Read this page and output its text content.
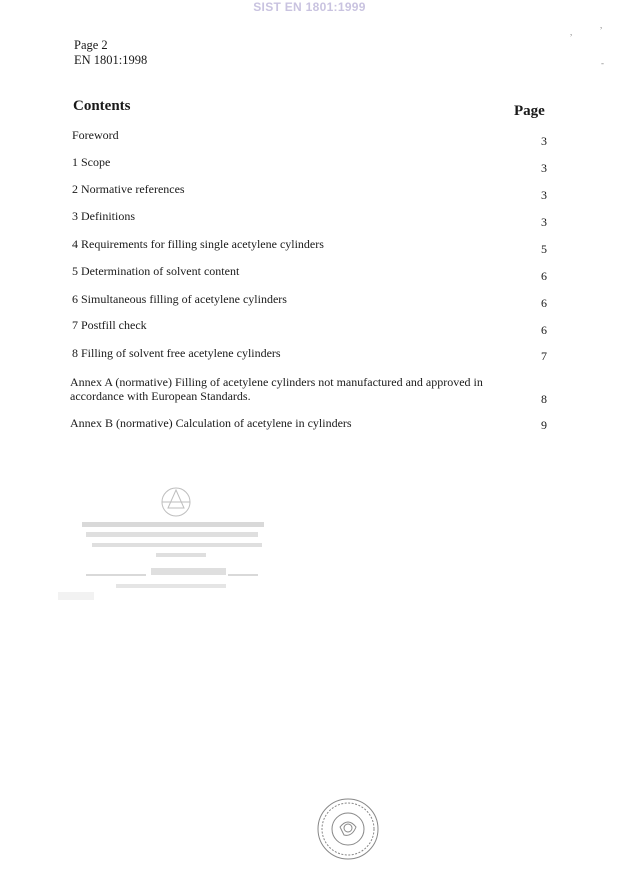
SIST EN 1801:1999
Page 2
EN 1801:1998
Contents	Page
Foreword	3
1 Scope	3
2 Normative references	3
3 Definitions	3
4 Requirements for filling single acetylene cylinders	5
5 Determination of solvent content	6
6 Simultaneous filling of acetylene cylinders	6
7 Postfill check	6
8 Filling of solvent free acetylene cylinders	7
Annex A (normative) Filling of acetylene cylinders not manufactured and approved in accordance with European Standards.	8
Annex B (normative) Calculation of acetylene in cylinders	9
,
,
-
